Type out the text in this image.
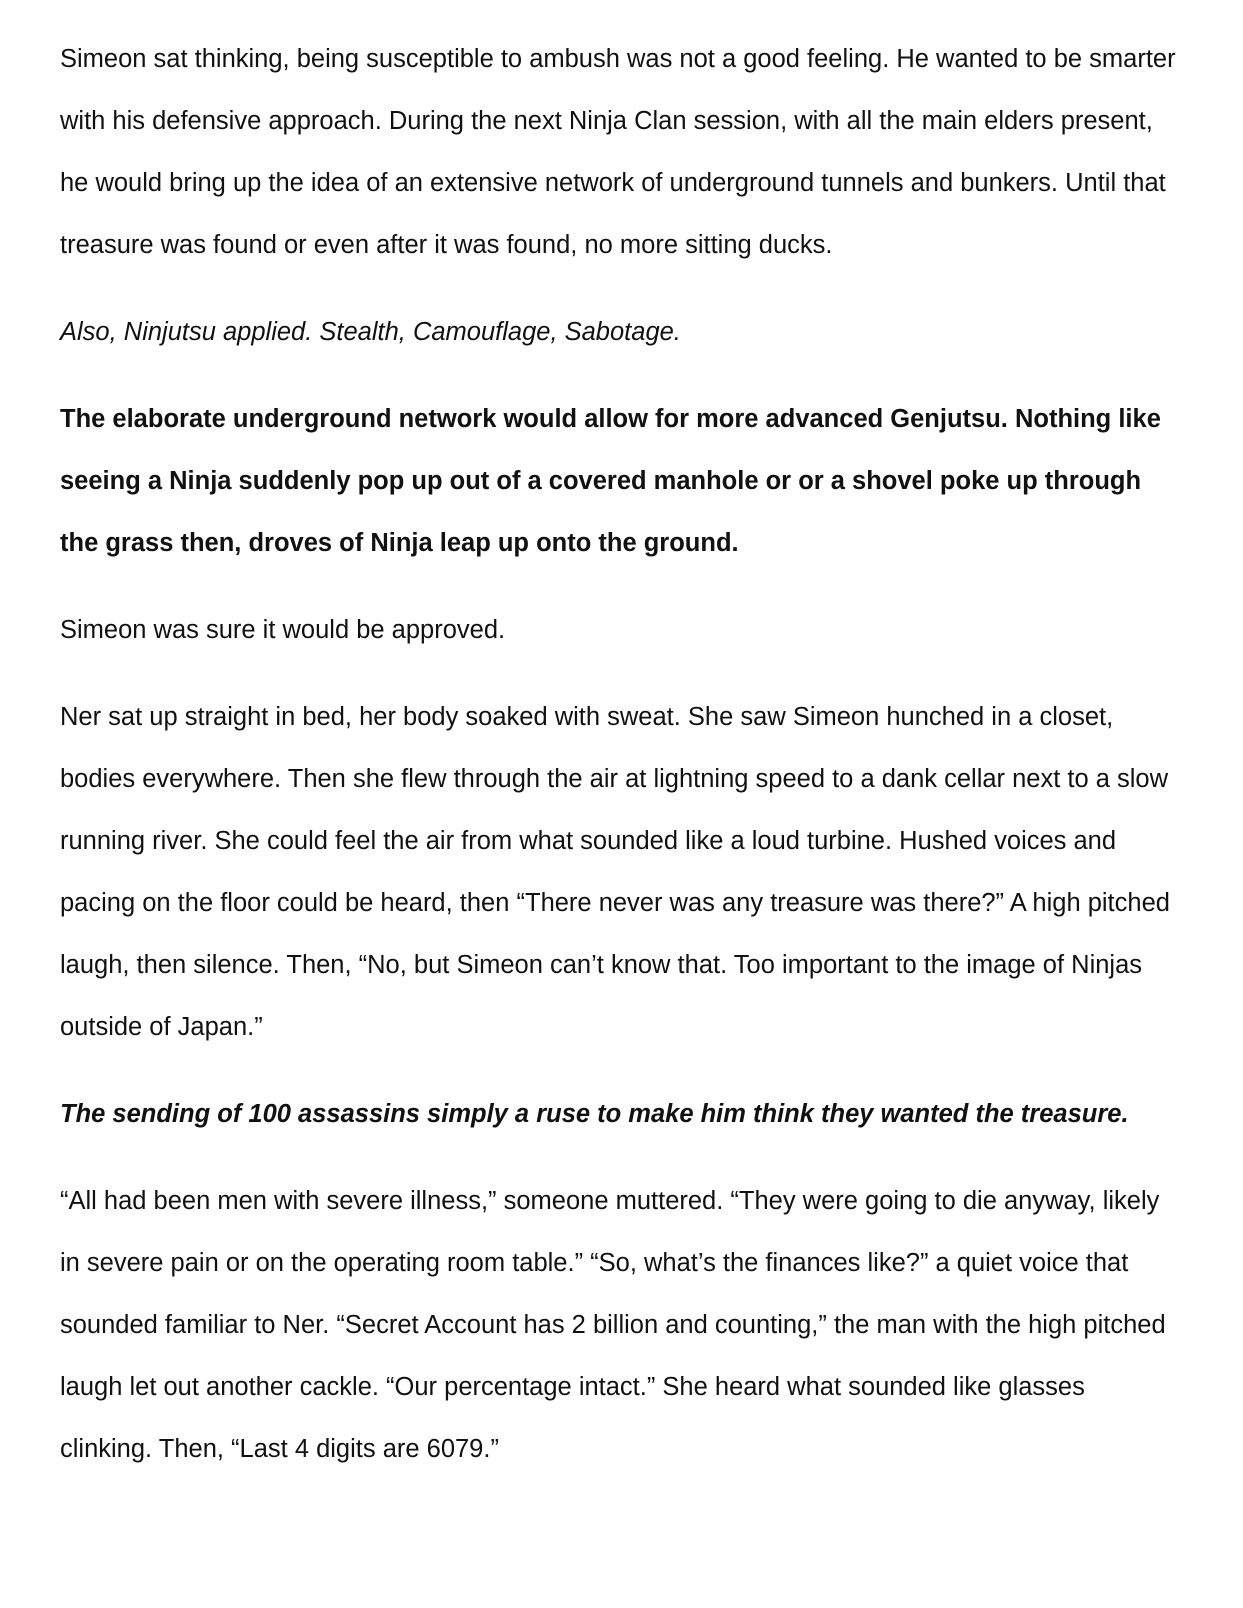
Simeon sat thinking, being susceptible to ambush was not a good feeling. He wanted to be smarter with his defensive approach. During the next Ninja Clan session, with all the main elders present, he would bring up the idea of an extensive network of underground tunnels and bunkers. Until that treasure was found or even after it was found, no more sitting ducks.

Also, Ninjutsu applied. Stealth, Camouflage, Sabotage.

The elaborate underground network would allow for more advanced Genjutsu. Nothing like seeing a Ninja suddenly pop up out of a covered manhole or or a shovel poke up through the grass then, droves of Ninja leap up onto the ground.

Simeon was sure it would be approved.

Ner sat up straight in bed, her body soaked with sweat. She saw Simeon hunched in a closet, bodies everywhere. Then she flew through the air at lightning speed to a dank cellar next to a slow running river. She could feel the air from what sounded like a loud turbine. Hushed voices and pacing on the floor could be heard, then “There never was any treasure was there?” A high pitched laugh, then silence. Then, “No, but Simeon can’t know that. Too important to the image of Ninjas outside of Japan.”

The sending of 100 assassins simply a ruse to make him think they wanted the treasure.

“All had been men with severe illness,” someone muttered. “They were going to die anyway, likely in severe pain or on the operating room table.” “So, what’s the finances like?” a quiet voice that sounded familiar to Ner. “Secret Account has 2 billion and counting,” the man with the high pitched laugh let out another cackle. “Our percentage intact.” She heard what sounded like glasses clinking. Then, “Last 4 digits are 6079.”
